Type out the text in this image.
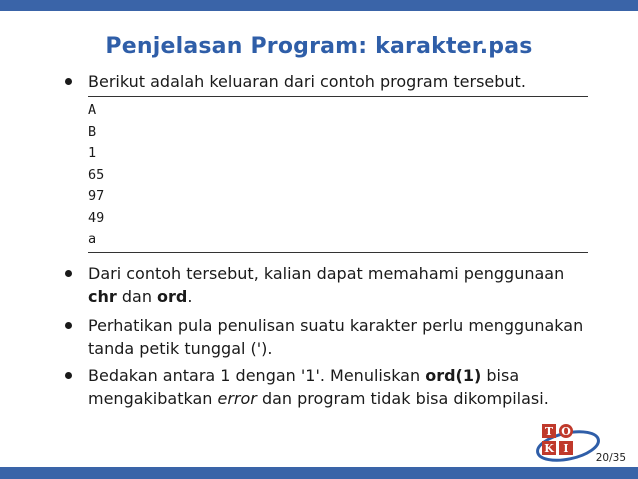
Penjelasan Program: karakter.pas
Berikut adalah keluaran dari contoh program tersebut.
A
B
1
65
97
49
a
Dari contoh tersebut, kalian dapat memahami penggunaan
chr dan ord.
Perhatikan pula penulisan suatu karakter perlu menggunakan tanda petik tunggal (').
Bedakan antara 1 dengan '1'. Menuliskan ord(1) bisa mengakibatkan error dan program tidak bisa dikompilasi.
T O
K I
20/35
